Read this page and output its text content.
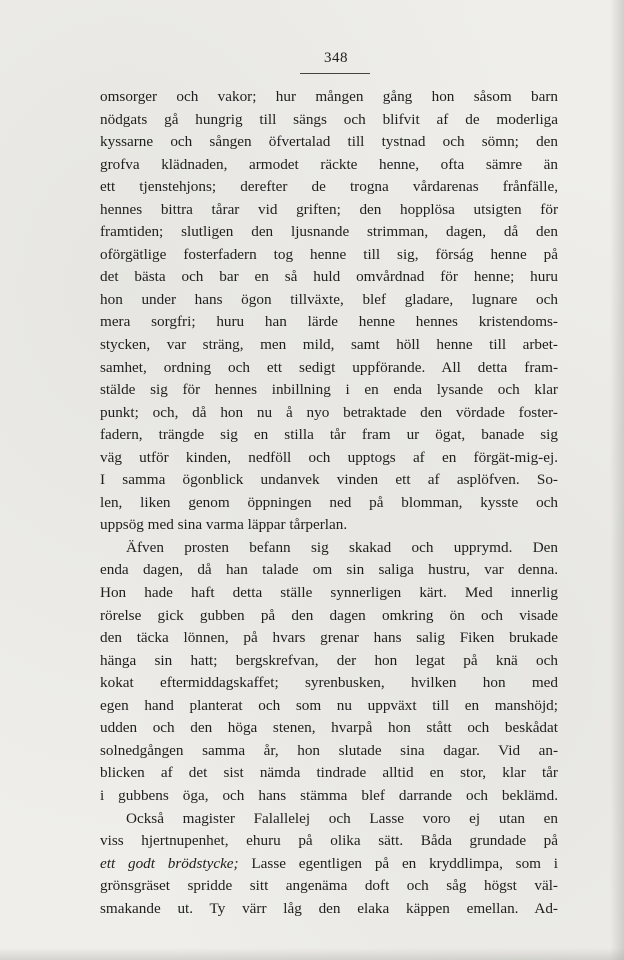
348
omsorger och vakor; hur mången gång hon såsom barn
nödgats gå hungrig till sängs och blifvit af de moderliga
kyssarne och sången öfvertalad till tystnad och sömn; den
grofva klädnaden, armodet räckte henne, ofta sämre än
ett tjenstehjons; derefter de trogna vårdarenas frånfälle,
hennes bittra tårar vid griften; den hopplösa utsigten för
framtiden; slutligen den ljusnande strimman, dagen, då den
oförgätlige fosterfadern tog henne till sig, förság henne på
det bästa och bar en så huld omvårdnad för henne; huru
hon under hans ögon tillväxte, blef gladare, lugnare och
mera sorgfri; huru han lärde henne hennes kristendoms-
stycken, var sträng, men mild, samt höll henne till arbet-
samhet, ordning och ett sedigt uppförande. All detta fram-
stälde sig för hennes inbillning i en enda lysande och klar
punkt; och, då hon nu å nyo betraktade den vördade foster-
fadern, trängde sig en stilla tår fram ur ögat, banade sig
väg utför kinden, nedföll och upptogs af en förgät-mig-ej.
I samma ögonblick undanvek vinden ett af asplöfven. So-
len, liken genom öppningen ned på blomman, kysste och
uppsög med sina varma läppar tårperlan.
Äfven prosten befann sig skakad och upprymd. Den
enda dagen, då han talade om sin saliga hustru, var denna.
Hon hade haft detta ställe synnerligen kärt. Med innerlig
rörelse gick gubben på den dagen omkring ön och visade
den täcka lönnen, på hvars grenar hans salig Fiken brukade
hänga sin hatt; bergskrefvan, der hon legat på knä och
kokat eftermiddagskaffet; syrenbusken, hvilken hon med
egen hand planterat och som nu uppväxt till en manshöjd;
udden och den höga stenen, hvarpå hon stått och beskådat
solnedgången samma år, hon slutade sina dagar. Vid an-
blicken af det sist nämda tindrade alltid en stor, klar tår
i gubbens öga, och hans stämma blef darrande och beklämd.
Också magister Falallelej och Lasse voro ej utan en
viss hjertnupenhet, ehuru på olika sätt. Båda grundade på
ett godt brödstycke; Lasse egentligen på en kryddlimpa, som i
grönsgräset spridde sitt angenäma doft och såg högst väl-
smakande ut. Ty värr låg den elaka käppen emellan. Ad-
